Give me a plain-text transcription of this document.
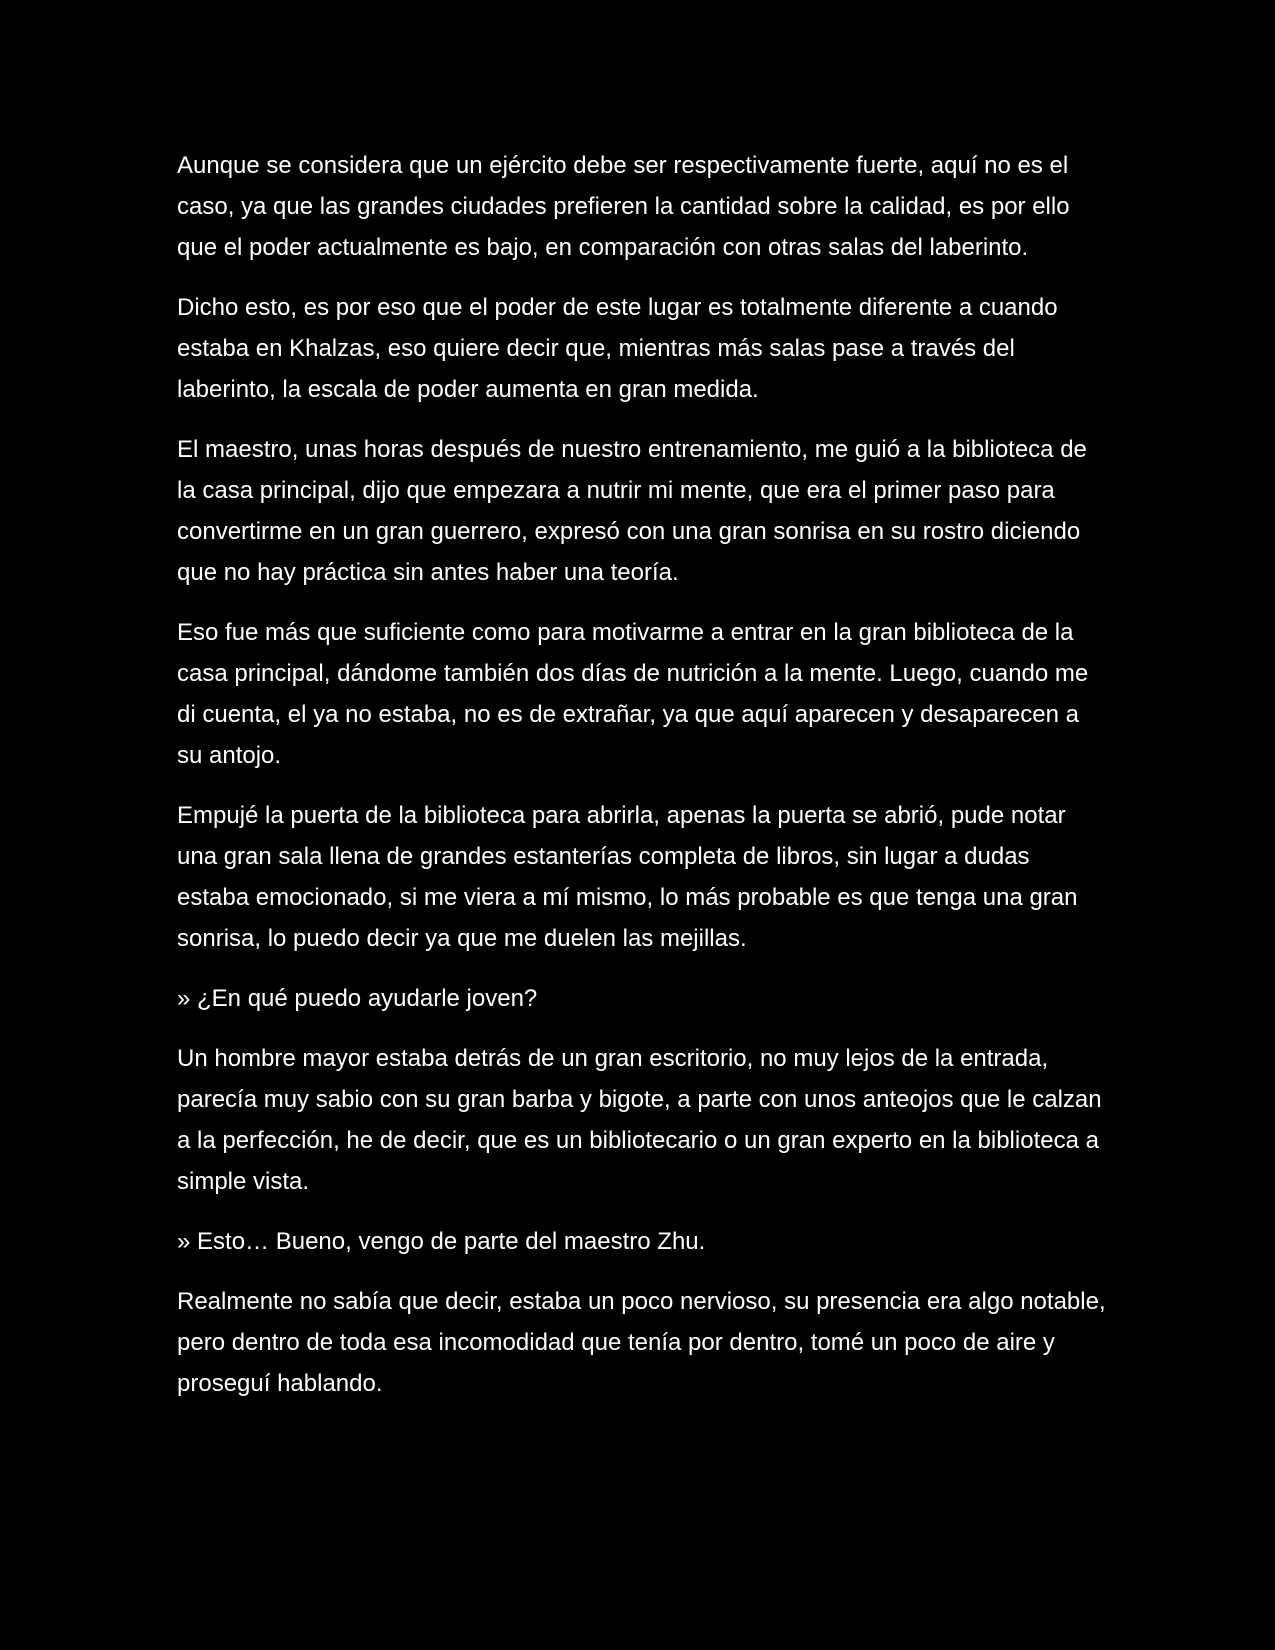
Aunque se considera que un ejército debe ser respectivamente fuerte, aquí no es el caso, ya que las grandes ciudades prefieren la cantidad sobre la calidad, es por ello que el poder actualmente es bajo, en comparación con otras salas del laberinto.

Dicho esto, es por eso que el poder de este lugar es totalmente diferente a cuando estaba en Khalzas, eso quiere decir que, mientras más salas pase a través del laberinto, la escala de poder aumenta en gran medida.

El maestro, unas horas después de nuestro entrenamiento, me guió a la biblioteca de la casa principal, dijo que empezara a nutrir mi mente, que era el primer paso para convertirme en un gran guerrero, expresó con una gran sonrisa en su rostro diciendo que no hay práctica sin antes haber una teoría.

Eso fue más que suficiente como para motivarme a entrar en la gran biblioteca de la casa principal, dándome también dos días de nutrición a la mente. Luego, cuando me di cuenta, el ya no estaba, no es de extrañar, ya que aquí aparecen y desaparecen a su antojo.

Empujé la puerta de la biblioteca para abrirla, apenas la puerta se abrió, pude notar una gran sala llena de grandes estanterías completa de libros, sin lugar a dudas estaba emocionado, si me viera a mí mismo, lo más probable es que tenga una gran sonrisa, lo puedo decir ya que me duelen las mejillas.

» ¿En qué puedo ayudarle joven?

Un hombre mayor estaba detrás de un gran escritorio, no muy lejos de la entrada, parecía muy sabio con su gran barba y bigote, a parte con unos anteojos que le calzan a la perfección, he de decir, que es un bibliotecario o un gran experto en la biblioteca a simple vista.

» Esto… Bueno, vengo de parte del maestro Zhu.

Realmente no sabía que decir, estaba un poco nervioso, su presencia era algo notable, pero dentro de toda esa incomodidad que tenía por dentro, tomé un poco de aire y proseguí hablando.
